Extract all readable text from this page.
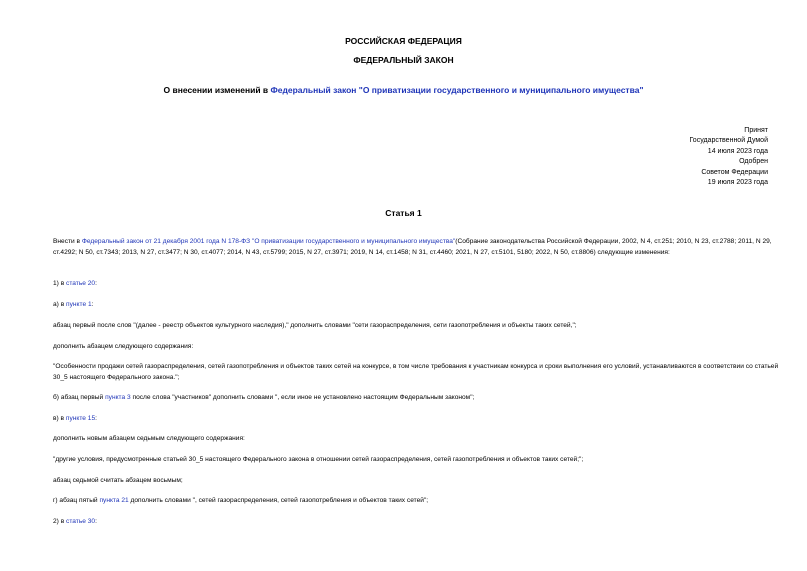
РОССИЙСКАЯ ФЕДЕРАЦИЯ
ФЕДЕРАЛЬНЫЙ ЗАКОН
О внесении изменений в Федеральный закон "О приватизации государственного и муниципального имущества"
Принят
Государственной Думой
14 июля 2023 года
Одобрен
Советом Федерации
19 июля 2023 года
Статья 1
Внести в Федеральный закон от 21 декабря 2001 года N 178-ФЗ "О приватизации государственного и муниципального имущества"(Собрание законодательства Российской Федерации, 2002, N 4, ст.251; 2010, N 23, ст.2788; 2011, N 29, ст.4292; N 50, ст.7343; 2013, N 27, ст.3477; N 30, ст.4077; 2014, N 43, ст.5799; 2015, N 27, ст.3971; 2019, N 14, ст.1458; N 31, ст.4460; 2021, N 27, ст.5101, 5180; 2022, N 50, ст.8806) следующие изменения:
1) в статье 20:
а) в пункте 1:
абзац первый после слов "(далее - реестр объектов культурного наследия)," дополнить словами "сети газораспределения, сети газопотребления и объекты таких сетей,";
дополнить абзацем следующего содержания:
"Особенности продажи сетей газораспределения, сетей газопотребления и объектов таких сетей на конкурсе, в том числе требования к участникам конкурса и сроки выполнения его условий, устанавливаются в соответствии со статьей 30_5 настоящего Федерального закона.";
б) абзац первый пункта 3 после слова "участников" дополнить словами ", если иное не установлено настоящим Федеральным законом";
в) в пункте 15:
дополнить новым абзацем седьмым следующего содержания:
"другие условия, предусмотренные статьей 30_5 настоящего Федерального закона в отношении сетей газораспределения, сетей газопотребления и объектов таких сетей;";
абзац седьмой считать абзацем восьмым;
г) абзац пятый пункта 21 дополнить словами ", сетей газораспределения, сетей газопотребления и объектов таких сетей";
2) в статье 30:
